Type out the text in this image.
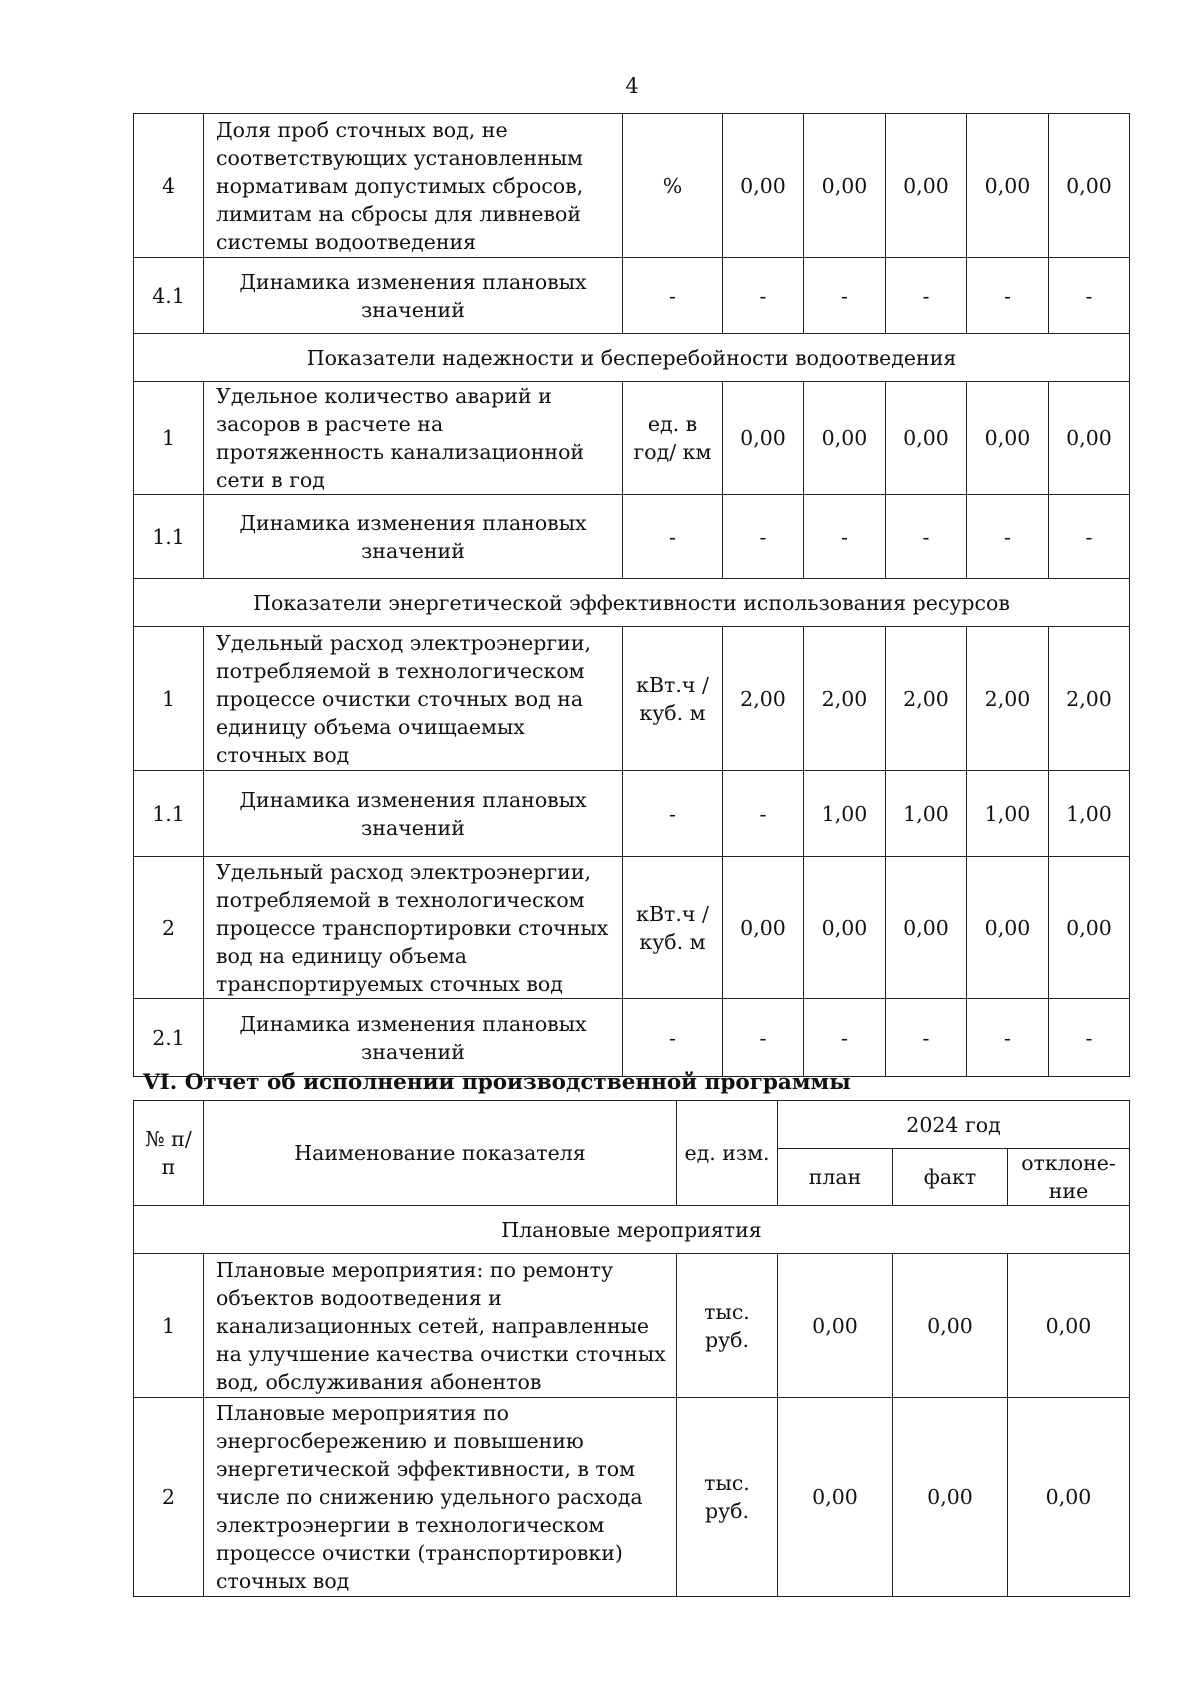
4
4	Доля проб сточных вод, не соответствующих установленным нормативам допустимых сбросов, лимитам на сбросы для ливневой системы водоотведения	%	0,00	0,00	0,00	0,00	0,00
4.1	Динамика изменения плановых значений	-	-	-	-	-	-
Показатели надежности и бесперебойности водоотведения							
1	Удельное количество аварий и засоров в расчете на протяженность канализационной сети в год	ед. в год/ км	0,00	0,00	0,00	0,00	0,00
1.1	Динамика изменения плановых значений	-	-	-	-	-	-
Показатели энергетической эффективности использования ресурсов							
1	Удельный расход электроэнергии, потребляемой в технологическом процессе очистки сточных вод на единицу объема очищаемых сточных вод	кВт.ч / куб. м	2,00	2,00	2,00	2,00	2,00
1.1	Динамика изменения плановых значений	-	-	1,00	1,00	1,00	1,00
2	Удельный расход электроэнергии, потребляемой в технологическом процессе транспортировки сточных вод на единицу объема транспортируемых сточных вод	кВт.ч / куб. м	0,00	0,00	0,00	0,00	0,00
2.1	Динамика изменения плановых значений	-	-	-	-	-	-
VI. Отчет об исполнении производственной программы
№ п/п	Наименование показателя	ед. изм.	2024 год		
			план	факт	отклоне-ние
Плановые мероприятия					
1	Плановые мероприятия: по ремонту объектов водоотведения и канализационных сетей, направленные на улучшение качества очистки сточных вод, обслуживания абонентов	тыс. руб.	0,00	0,00	0,00
2	Плановые мероприятия по энергосбережению и повышению энергетической эффективности, в том числе по снижению удельного расхода электроэнергии в технологическом процессе очистки (транспортировки) сточных вод	тыс. руб.	0,00	0,00	0,00
